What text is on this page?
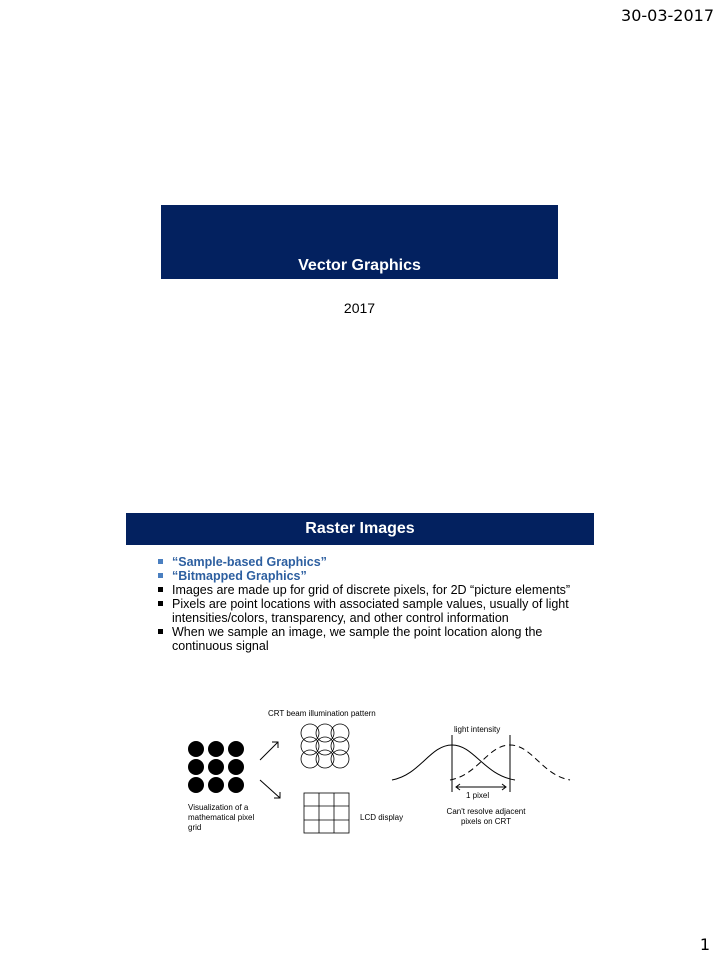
30-03-2017
Vector Graphics
2017
Raster Images
“Sample-based Graphics”
“Bitmapped Graphics”
Images are made up for grid of discrete pixels, for 2D “picture elements”
Pixels are point locations with associated sample values, usually of light intensities/colors, transparency, and other control information
When we sample an image, we sample the point location along the continuous signal
CRT beam illumination pattern
light intensity
1 pixel
Visualization of a mathematical pixel grid
LCD display
Can't resolve adjacent pixels on CRT
1
